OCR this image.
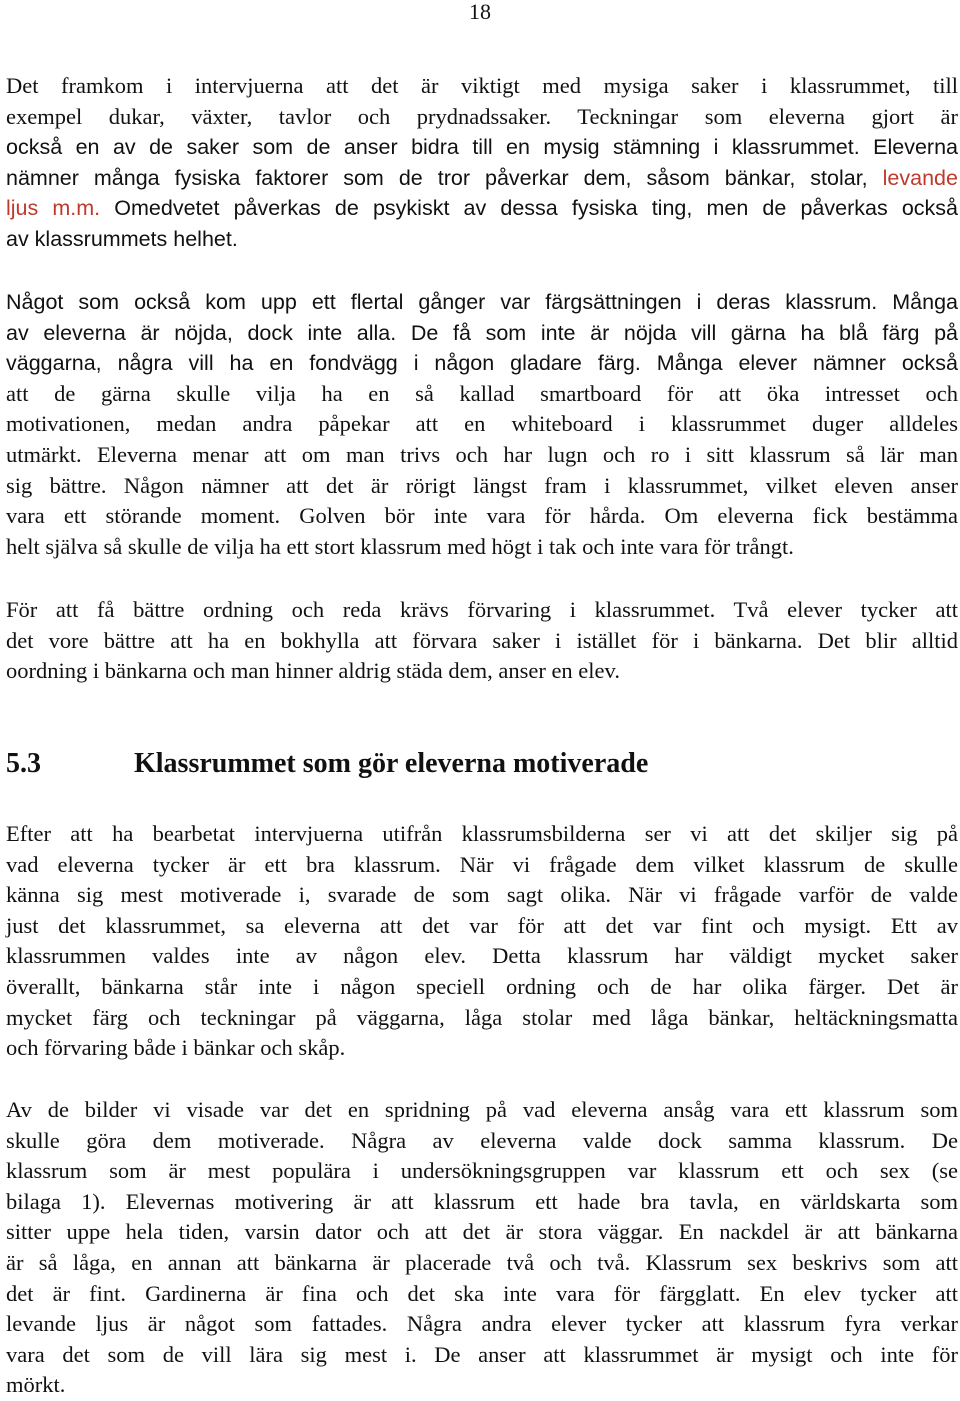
18
Det framkom i intervjuerna att det är viktigt med mysiga saker i klassrummet, till
exempel dukar, växter, tavlor och prydnadssaker. Teckningar som eleverna gjort är
också en av de saker som de anser bidra till en mysig stämning i klassrummet. Eleverna
nämner många fysiska faktorer som de tror påverkar dem, såsom bänkar, stolar, levande
ljus m.m. Omedvetet påverkas de psykiskt av dessa fysiska ting, men de påverkas också
av klassrummets helhet.
Något som också kom upp ett flertal gånger var färgsättningen i deras klassrum. Många
av eleverna är nöjda, dock inte alla. De få som inte är nöjda vill gärna ha blå färg på
väggarna, några vill ha en fondvägg i någon gladare färg. Många elever nämner också
att de gärna skulle vilja ha en så kallad smartboard för att öka intresset och
motivationen, medan andra påpekar att en whiteboard i klassrummet duger alldeles
utmärkt. Eleverna menar att om man trivs och har lugn och ro i sitt klassrum så lär man
sig bättre. Någon nämner att det är rörigt längst fram i klassrummet, vilket eleven anser
vara ett störande moment. Golven bör inte vara för hårda. Om eleverna fick bestämma
helt själva så skulle de vilja ha ett stort klassrum med högt i tak och inte vara för trångt.
För att få bättre ordning och reda krävs förvaring i klassrummet. Två elever tycker att
det vore bättre att ha en bokhylla att förvara saker i istället för i bänkarna. Det blir alltid
oordning i bänkarna och man hinner aldrig städa dem, anser en elev.
5.3	Klassrummet som gör eleverna motiverade
Efter att ha bearbetat intervjuerna utifrån klassrumsbilderna ser vi att det skiljer sig på
vad eleverna tycker är ett bra klassrum. När vi frågade dem vilket klassrum de skulle
känna sig mest motiverade i, svarade de som sagt olika. När vi frågade varför de valde
just det klassrummet, sa eleverna att det var för att det var fint och mysigt. Ett av
klassrummen valdes inte av någon elev. Detta klassrum har väldigt mycket saker
överallt, bänkarna står inte i någon speciell ordning och de har olika färger. Det är
mycket färg och teckningar på väggarna, låga stolar med låga bänkar, heltäckningsmatta
och förvaring både i bänkar och skåp.
Av de bilder vi visade var det en spridning på vad eleverna ansåg vara ett klassrum som
skulle göra dem motiverade. Några av eleverna valde dock samma klassrum. De
klassrum som är mest populära i undersökningsgruppen var klassrum ett och sex (se
bilaga 1). Elevernas motivering är att klassrum ett hade bra tavla, en världskarta som
sitter uppe hela tiden, varsin dator och att det är stora väggar. En nackdel är att bänkarna
är så låga, en annan att bänkarna är placerade två och två. Klassrum sex beskrivs som att
det är fint. Gardinerna är fina och det ska inte vara för färgglatt. En elev tycker att
levande ljus är något som fattades. Några andra elever tycker att klassrum fyra verkar
vara det som de vill lära sig mest i. De anser att klassrummet är mysigt och inte för
mörkt.
